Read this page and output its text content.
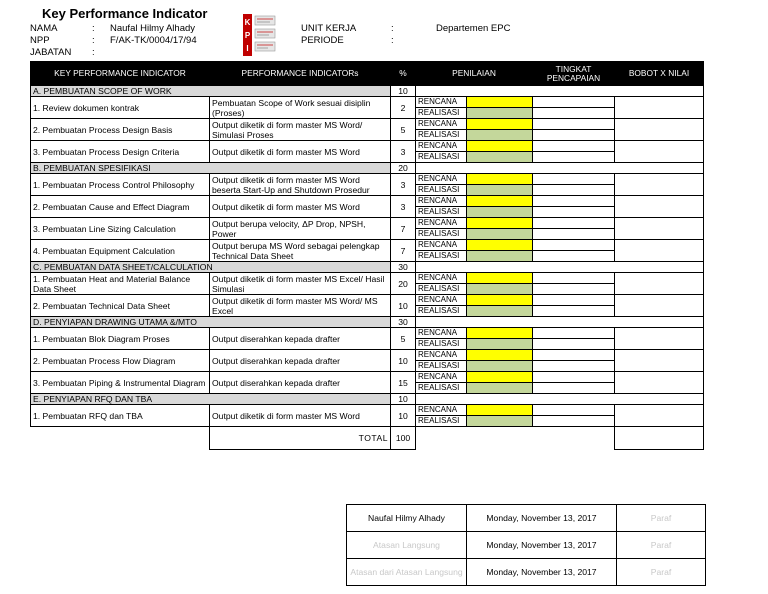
Key Performance Indicator
NAMA	: Naufal Hilmy Alhady
NPP	: F/AK-TK/0004/17/94
JABATAN :
UNIT KERJA	:	Departemen EPC
PERIODE	:
K
P
I
KEY PERFORMANCE INDICATOR	PERFORMANCE INDICATORs	%	PENILAIAN		TINGKAT PENCAPAIAN	BOBOT X NILAI
A. PEMBUATAN SCOPE OF WORK		10				
1. Review dokumen kontrak	Pembuatan Scope of Work sesuai disiplin (Proses)	2	RENCANA			
			REALISASI			
2. Pembuatan Process Design Basis	Output diketik di form master MS Word/ Simulasi Proses	5	RENCANA			
			REALISASI			
3. Pembuatan Process Design Criteria	Output diketik di form master MS Word	3	RENCANA			
			REALISASI			
B. PEMBUATAN SPESIFIKASI		20				
1. Pembuatan Process Control Philosophy	Output diketik di form master MS Word beserta Start-Up and Shutdown Prosedur	3	RENCANA			
			REALISASI			
2. Pembuatan Cause and Effect Diagram	Output diketik di form master MS Word	3	RENCANA			
			REALISASI			
3. Pembuatan Line Sizing Calculation	Output berupa velocity, ΔP Drop, NPSH, Power	7	RENCANA			
			REALISASI			
4. Pembuatan Equipment Calculation	Output berupa MS Word sebagai pelengkap Technical Data Sheet	7	RENCANA			
			REALISASI			
C. PEMBUATAN DATA SHEET/CALCULATION		30				
1. Pembuatan Heat and Material Balance Data Sheet	Output diketik di form master MS Excel/ Hasil Simulasi	20	RENCANA			
			REALISASI			
2. Pembuatan Technical Data Sheet	Output diketik di form master MS Word/ MS Excel	10	RENCANA			
			REALISASI			
D. PENYIAPAN DRAWING UTAMA &/MTO		30				
1. Pembuatan Blok Diagram Proses	Output diserahkan kepada drafter	5	RENCANA			
			REALISASI			
2. Pembuatan Process Flow Diagram	Output diserahkan kepada drafter	10	RENCANA			
			REALISASI			
3. Pembuatan Piping & Instrumental Diagram	Output diserahkan kepada drafter	15	RENCANA			
			REALISASI			
E. PENYIAPAN RFQ DAN TBA		10				
1. Pembuatan RFQ dan TBA	Output diketik di form master MS Word	10	RENCANA			
			REALISASI			
	TOTAL	100				
Naufal Hilmy Alhady	Monday, November 13, 2017	Paraf
Atasan Langsung	Monday, November 13, 2017	Paraf
Atasan dari Atasan Langsung	Monday, November 13, 2017	Paraf
